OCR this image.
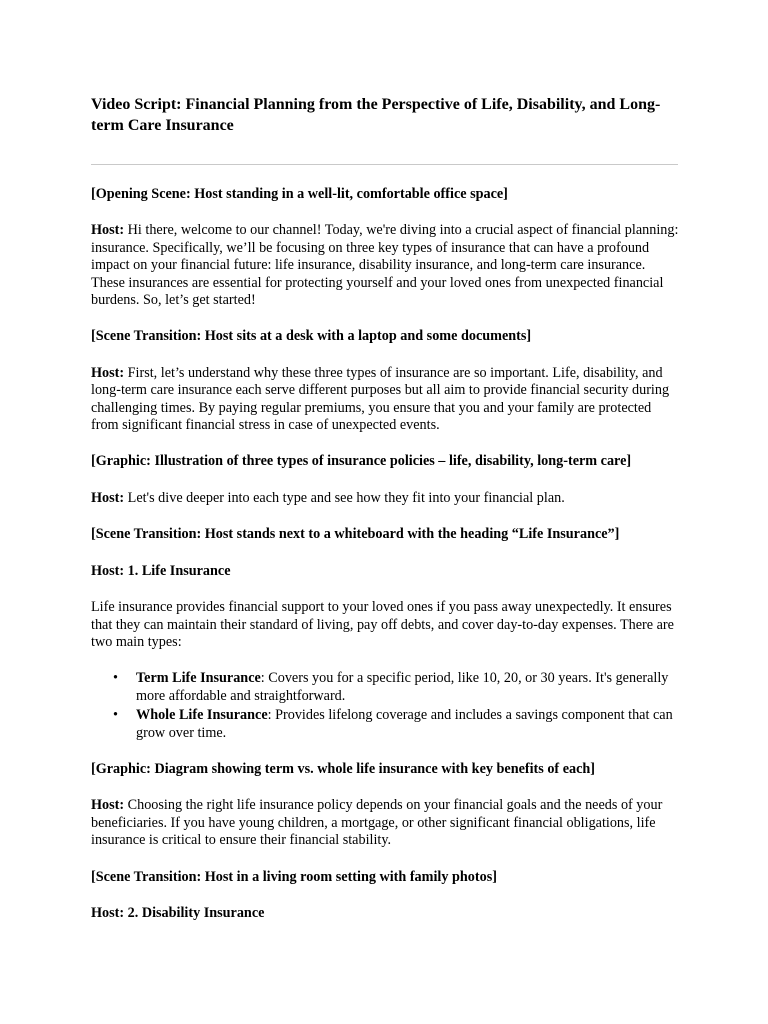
Video Script: Financial Planning from the Perspective of Life, Disability, and Long-term Care Insurance

[Opening Scene: Host standing in a well-lit, comfortable office space]

Host: Hi there, welcome to our channel! Today, we're diving into a crucial aspect of financial planning: insurance. Specifically, we’ll be focusing on three key types of insurance that can have a profound impact on your financial future: life insurance, disability insurance, and long-term care insurance. These insurances are essential for protecting yourself and your loved ones from unexpected financial burdens. So, let’s get started!

[Scene Transition: Host sits at a desk with a laptop and some documents]

Host: First, let’s understand why these three types of insurance are so important. Life, disability, and long-term care insurance each serve different purposes but all aim to provide financial security during challenging times. By paying regular premiums, you ensure that you and your family are protected from significant financial stress in case of unexpected events.

[Graphic: Illustration of three types of insurance policies – life, disability, long-term care]

Host: Let's dive deeper into each type and see how they fit into your financial plan.

[Scene Transition: Host stands next to a whiteboard with the heading “Life Insurance”]

Host: 1. Life Insurance

Life insurance provides financial support to your loved ones if you pass away unexpectedly. It ensures that they can maintain their standard of living, pay off debts, and cover day-to-day expenses. There are two main types:

• Term Life Insurance: Covers you for a specific period, like 10, 20, or 30 years. It's generally more affordable and straightforward.
• Whole Life Insurance: Provides lifelong coverage and includes a savings component that can grow over time.

[Graphic: Diagram showing term vs. whole life insurance with key benefits of each]

Host: Choosing the right life insurance policy depends on your financial goals and the needs of your beneficiaries. If you have young children, a mortgage, or other significant financial obligations, life insurance is critical to ensure their financial stability.

[Scene Transition: Host in a living room setting with family photos]

Host: 2. Disability Insurance
